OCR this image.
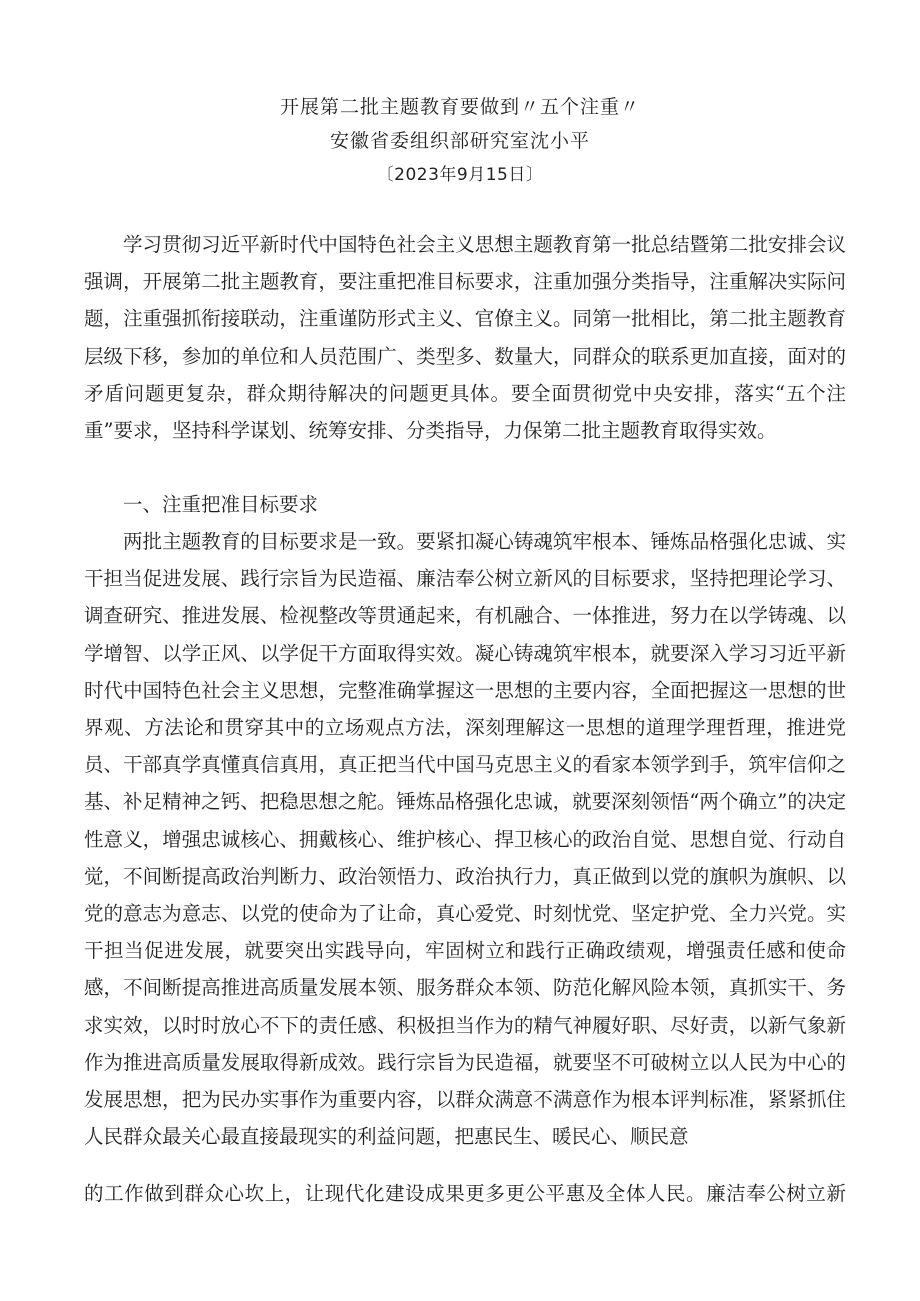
开展第二批主题教育要做到〃五个注重〃
安徽省委组织部研究室沈小平
〔2023年9月15日〕

学习贯彻习近平新时代中国特色社会主义思想主题教育第一批总结暨第二批安排会议强调，开展第二批主题教育，要注重把准目标要求，注重加强分类指导，注重解决实际问题，注重强抓衔接联动，注重谨防形式主义、官僚主义。同第一批相比，第二批主题教育层级下移，参加的单位和人员范围广、类型多、数量大，同群众的联系更加直接，面对的矛盾问题更复杂，群众期待解决的问题更具体。要全面贯彻党中央安排，落实“五个注重”要求，坚持科学谋划、统筹安排、分类指导，力保第二批主题教育取得实效。

一、注重把准目标要求

两批主题教育的目标要求是一致。要紧扣凝心铸魂筑牢根本、锤炼品格强化忠诚、实干担当促进发展、践行宗旨为民造福、廉洁奉公树立新风的目标要求，坚持把理论学习、调查研究、推进发展、检视整改等贯通起来，有机融合、一体推进，努力在以学铸魂、以学增智、以学正风、以学促干方面取得实效。凝心铸魂筑牢根本，就要深入学习习近平新时代中国特色社会主义思想，完整准确掌握这一思想的主要内容，全面把握这一思想的世界观、方法论和贯穿其中的立场观点方法，深刻理解这一思想的道理学理哲理，推进党员、干部真学真懂真信真用，真正把当代中国马克思主义的看家本领学到手，筑牢信仰之基、补足精神之钙、把稳思想之舵。锤炼品格强化忠诚，就要深刻领悟“两个确立”的决定性意义，增强忠诚核心、拥戴核心、维护核心、捍卫核心的政治自觉、思想自觉、行动自觉，不间断提高政治判断力、政治领悟力、政治执行力，真正做到以党的旗帜为旗帜、以党的意志为意志、以党的使命为了让命，真心爱党、时刻忧党、坚定护党、全力兴党。实干担当促进发展，就要突出实践导向，牢固树立和践行正确政绩观，增强责任感和使命感，不间断提高推进高质量发展本领、服务群众本领、防范化解风险本领，真抓实干、务求实效，以时时放心不下的责任感、积极担当作为的精气神履好职、尽好责，以新气象新作为推进高质量发展取得新成效。践行宗旨为民造福，就要坚不可破树立以人民为中心的发展思想，把为民办实事作为重要内容，以群众满意不满意作为根本评判标准，紧紧抓住人民群众最关心最直接最现实的利益问题，把惠民生、暖民心、顺民意

的工作做到群众心坎上，让现代化建设成果更多更公平惠及全体人民。廉洁奉公树立新
